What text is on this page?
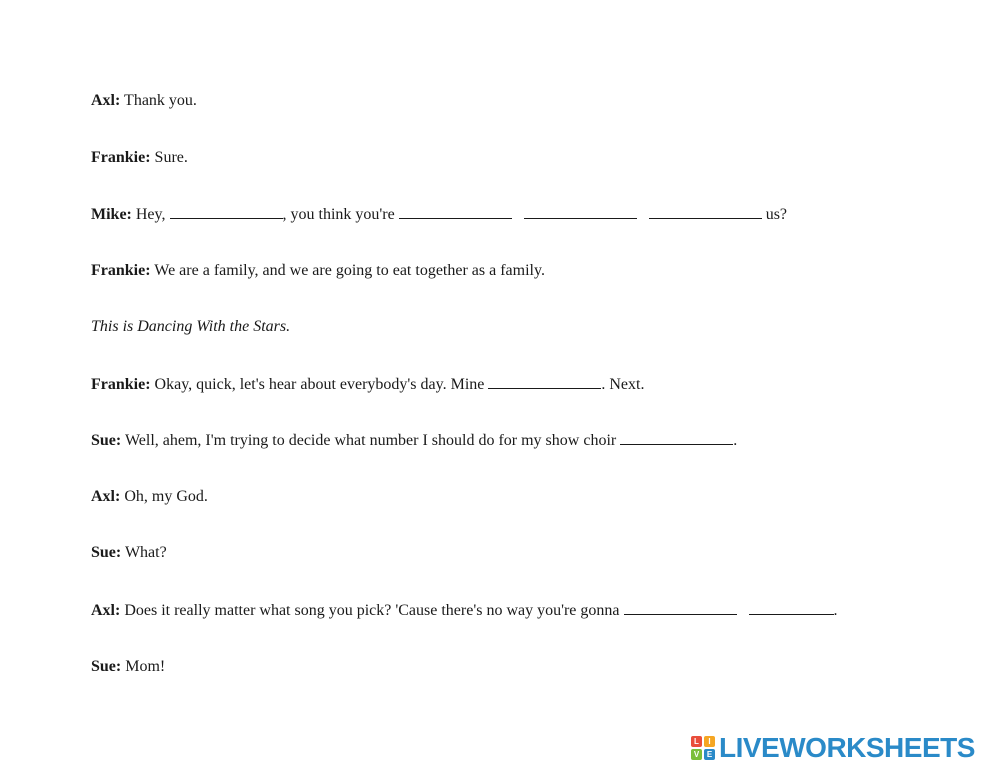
Axl: Thank you.
Frankie: Sure.
Mike: Hey,	, you think you're	us?
Frankie: We are a family, and we are going to eat together as a family.
This is Dancing With the Stars.
Frankie: Okay, quick, let's hear about everybody's day. Mine	. Next.
Sue: Well, ahem, I'm trying to decide what number I should do for my show choir	.
Axl: Oh, my God.
Sue: What?
Axl: Does it really matter what song you pick? 'Cause there's no way you're gonna	.
Sue: Mom!
L	I
V E LIVEWORKSHEETS
